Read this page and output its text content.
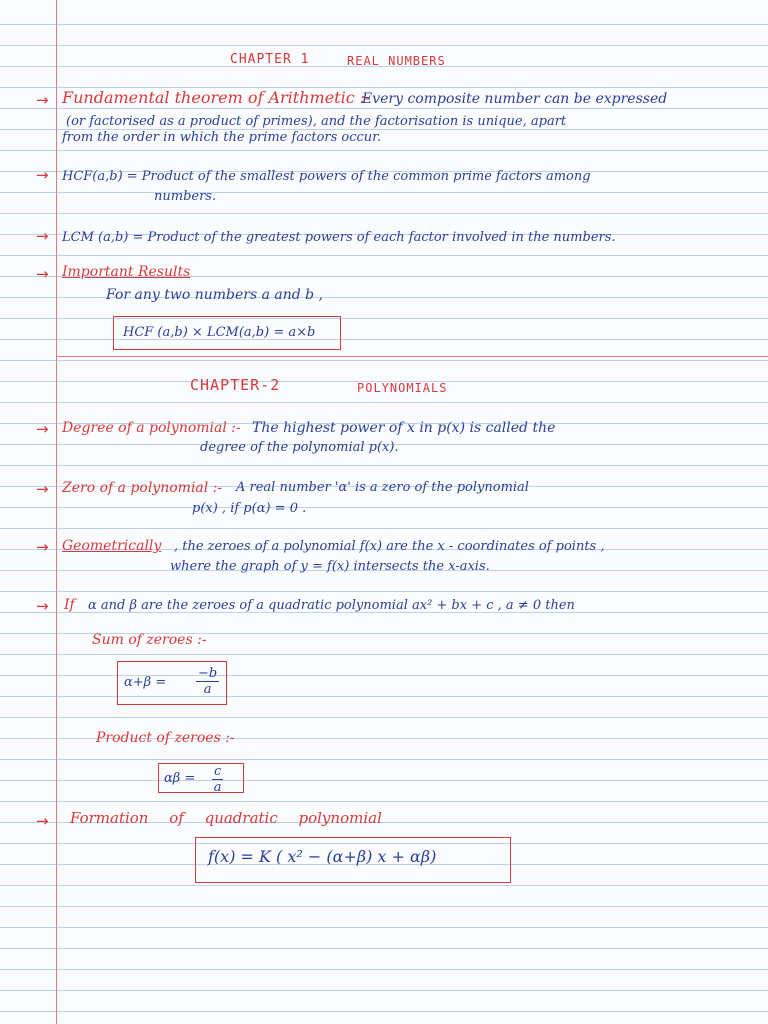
CHAPTER 1	REAL NUMBERS
→ Fundamental theorem of Arithmetic :-
Every composite number can be expressed
(or factorised as a product of primes), and the factorisation is unique, apart
from the order in which the prime factors occur.
→ HCF(a,b) = Product of the smallest powers of the common prime factors among
numbers.
→ LCM (a,b) = Product of the greatest powers of each factor involved in the numbers.
→ Important Results
For any two numbers a and b ,
HCF (a,b) × LCM(a,b) = a×b
CHAPTER-2	POLYNOMIALS
→ Degree of a polynomial :- The highest power of x in p(x) is called the
degree of the polynomial p(x).
→ Zero of a polynomial :- A real number 'α' is a zero of the polynomial
p(x) , if p(α) = 0 .
→ Geometrically , the zeroes of a polynomial f(x) are the x - coordinates of points ,
where the graph of y = f(x) intersects the x-axis.
→ If α and β are the zeroes of a quadratic polynomial ax² + bx + c , a ≠ 0 then
Sum of zeroes :-
$\alpha+\beta = \frac{-b}{a}$
Product of zeroes :-
$\alpha\beta = \frac{c}{a}$
→ Formation of quadratic polynomial
f(x) = K ( x² − (α+β) x + αβ)
